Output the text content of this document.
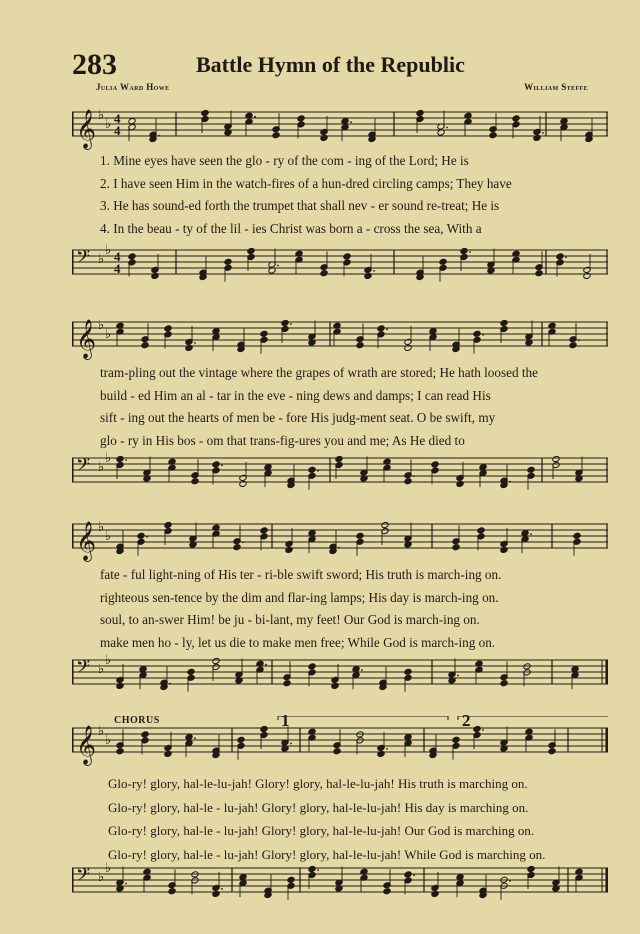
283	Battle Hymn of the Republic
Julia Ward Howe	William Steffe
𝄞 ♭
♭ 4
4
1. Mine eyes have seen the glo - ry of the com - ing of the Lord; He is
2. I have seen Him in the watch-fires of a hun-dred circling camps; They have
3. He has sound-ed forth the trumpet that shall nev - er sound re-treat; He is
4. In the beau - ty of the lil - ies Christ was born a - cross the sea, With a
𝄢 ♭
♭ 4
4
𝄞 ♭
♭
tram-pling out the vintage where the grapes of wrath are stored; He hath loosed the
build - ed Him an al - tar in the eve - ning dews and damps; I can read His
sift - ing out the hearts of men be - fore His judg-ment seat. O be swift, my
glo - ry in His bos - om that trans-fig-ures you and me; As He died to
𝄢 ♭
♭
𝄞 ♭
♭
fate - ful light-ning of His ter - ri-ble swift sword; His truth is march-ing on.
righteous sen-tence by the dim and flar-ing lamps; His day is march-ing on.
soul, to an-swer Him! be ju - bi-lant, my feet! Our God is march-ing on.
make men ho - ly, let us die to make men free; While God is march-ing on.
𝄢 ♭
♭
CHORUS	1	2
𝄞 ♭
♭
Glo-ry! glory, hal-le-lu-jah! Glory! glory, hal-le-lu-jah! His truth is marching on.
Glo-ry! glory, hal-le - lu-jah! Glory! glory, hal-le-lu-jah! His day is marching on.
Glo-ry! glory, hal-le - lu-jah! Glory! glory, hal-le-lu-jah! Our God is marching on.
Glo-ry! glory, hal-le - lu-jah! Glory! glory, hal-le-lu-jah! While God is marching on.
𝄢 ♭
♭
